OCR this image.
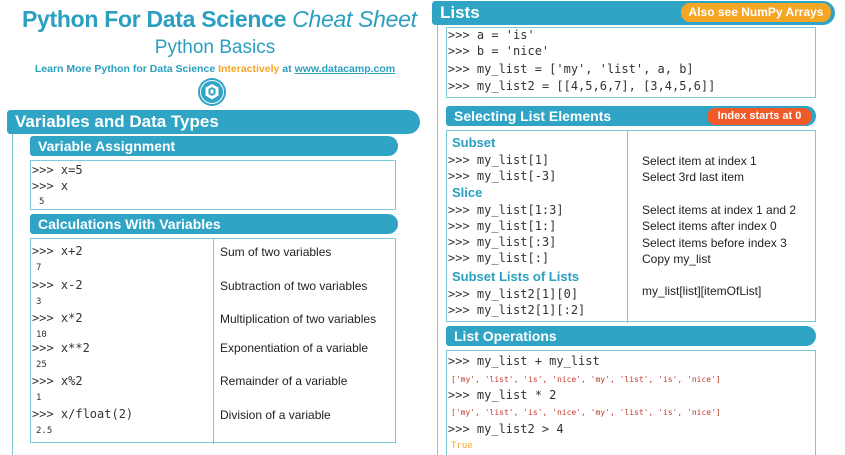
Python For Data Science Cheat Sheet
Python Basics
Learn More Python for Data Science Interactively at www.datacamp.com
Variables and Data Types
Variable Assignment
>>> x=5
>>> x
5
Calculations With Variables
>>> x+2
7
Sum of two variables
>>> x-2
3
Subtraction of two variables
>>> x*2
10
Multiplication of two variables
>>> x**2
25
Exponentiation of a variable
>>> x%2
1
Remainder of a variable
>>> x/float(2)
2.5
Division of a variable
Lists	Also see NumPy Arrays
>>> a = 'is'
>>> b = 'nice'
>>> my_list = ['my', 'list', a, b]
>>> my_list2 = [[4,5,6,7], [3,4,5,6]]
Selecting List Elements	Index starts at 0
Subset
>>> my_list[1]	Select item at index 1
>>> my_list[-3]	Select 3rd last item
Slice
>>> my_list[1:3]	Select items at index 1 and 2
>>> my_list[1:]	Select items after index 0
>>> my_list[:3]	Select items before index 3
>>> my_list[:]	Copy my_list
Subset Lists of Lists
>>> my_list2[1][0]
>>> my_list2[1][:2]
my_list[list][itemOfList]
List Operations
>>> my_list + my_list
['my', 'list', 'is', 'nice', 'my', 'list', 'is', 'nice']
>>> my_list * 2
['my', 'list', 'is', 'nice', 'my', 'list', 'is', 'nice']
>>> my_list2 > 4
True
